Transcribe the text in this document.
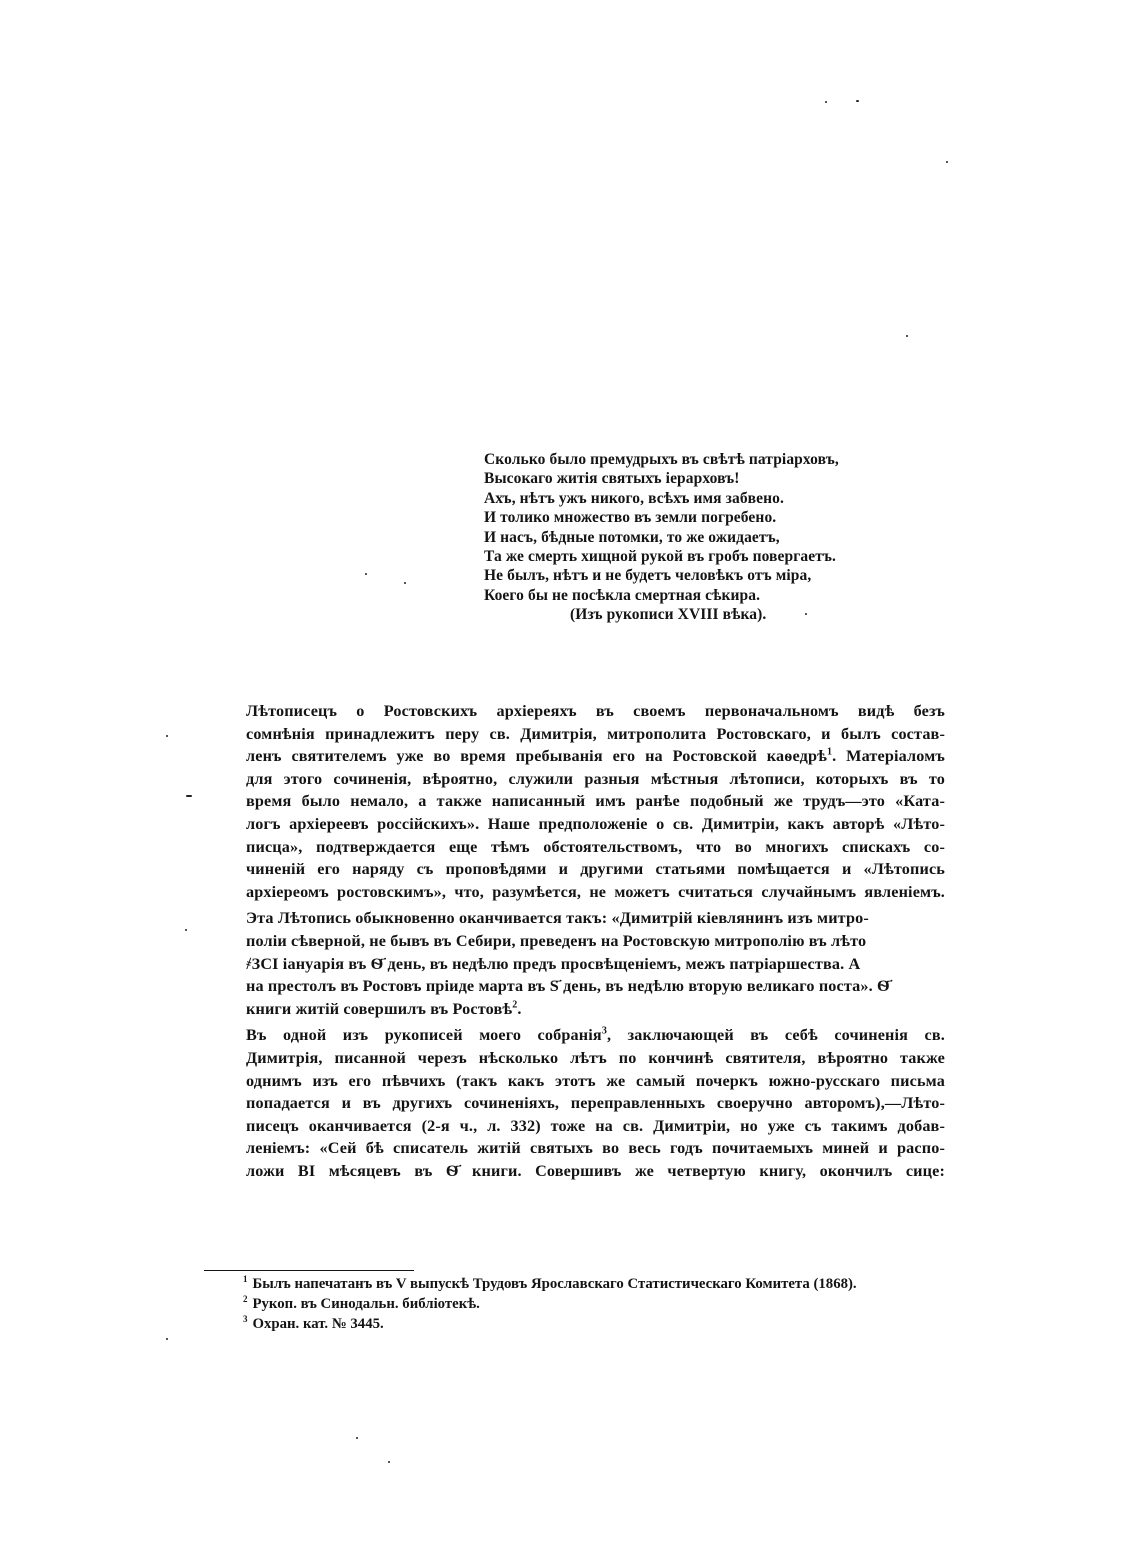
Сколько было премудрыхъ въ свѣтѣ патріарховъ,
Высокаго житія святыхъ іерарховъ!
Ахъ, нѣтъ ужъ никого, всѣхъ имя забвено.
И толико множество въ земли погребено.
И насъ, бѣдные потомки, то же ожидаетъ,
Та же смерть хищной рукой въ гробъ повергаетъ.
Не былъ, нѣтъ и не будетъ человѣкъ отъ міра,
Коего бы не посѣкла смертная сѣкира.
(Изъ рукописи XVIII вѣка).

Лѣтописецъ о Ростовскихъ архіереяхъ въ своемъ первоначальномъ видѣ безъ
сомнѣнія принадлежитъ перу св. Димитрія, митрополита Ростовскаго, и былъ состав-
ленъ святителемъ уже во время пребыванія его на Ростовской каѳедрѣ$^1$. Матеріаломъ
для этого сочиненія, вѣроятно, служили разныя мѣстныя лѣтописи, которыхъ въ то
время было немало, а также написанный имъ ранѣе подобный же трудъ—это «Ката-
логъ архіереевъ россійскихъ». Наше предположеніе о св. Димитріи, какъ авторѣ «Лѣто-
писца», подтверждается еще тѣмъ обстоятельствомъ, что во многихъ спискахъ со-
чиненій его наряду съ проповѣдями и другими статьями помѣщается и «Лѣтопись
архіереомъ ростовскимъ», что, разумѣется, не можетъ считаться случайнымъ явленіемъ.

Эта Лѣтопись обыкновенно оканчивается такъ: «Димитрій кіевлянинъ изъ митро-
поліи сѣверной, не бывъ въ Себири, преведенъ на Ростовскую митрополію въ лѣто
҂ЗСІ іануарія въ Ѳ҃ день, въ недѣлю предъ просвѣщеніемъ, межъ патріаршества. А
на престолъ въ Ростовъ пріиде марта въ Ѕ҃ день, въ недѣлю вторую великаго поста». Ѳ҃
книги житій совершилъ въ Ростовѣ$^2$.

Въ одной изъ рукописей моего собранія$^3$, заключающей въ себѣ сочиненія св.
Димитрія, писанной черезъ нѣсколько лѣтъ по кончинѣ святителя, вѣроятно также
однимъ изъ его пѣвчихъ (такъ какъ этотъ же самый почеркъ южно-русскаго письма
попадается и въ другихъ сочиненіяхъ, переправленныхъ своеручно авторомъ),—Лѣто-
писецъ оканчивается (2-я ч., л. 332) тоже на св. Димитріи, но уже съ такимъ добав-
леніемъ: «Сей бѣ списатель житій святыхъ во весь годъ почитаемыхъ миней и распо-
ложи ВІ мѣсяцевъ въ Ѳ҃ книги. Совершивъ же четвертую книгу, окончилъ сице:

$^1$ Былъ напечатанъ въ V выпускѣ Трудовъ Ярославскаго Статистическаго Комитета (1868).
$^2$ Рукоп. въ Синодальн. библіотекѣ.
$^3$ Охран. кат. № 3445.
